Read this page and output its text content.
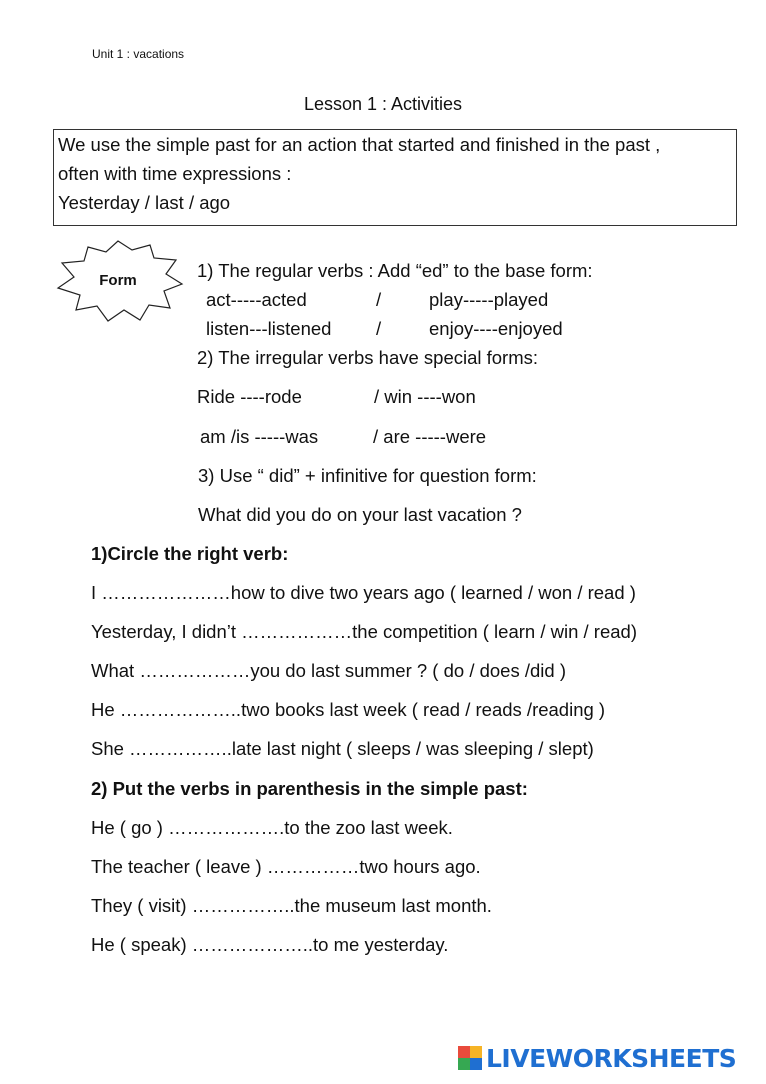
Unit 1 : vacations
Lesson 1 : Activities
We use the simple past for an action that started and finished in the past ,
often with time expressions :
Yesterday / last / ago
Form	1) The regular verbs : Add “ed” to the base form:
act-----acted	/	play-----played
listen---listened /	enjoy----enjoyed
2) The irregular verbs have special forms:
Ride ----rode	/ win ----won
am /is -----was	/ are -----were
3) Use “ did” + infinitive for question form:
What did you do on your last vacation ?
1)Circle the right verb:
I …………………how to dive two years ago ( learned / won / read )
Yesterday, I didn’t ………………the competition ( learn / win / read)
What ………………you do last summer ? ( do / does /did )
He ………………..two books last week ( read / reads /reading )
She ……………..late last night ( sleeps / was sleeping / slept)
2) Put the verbs in parenthesis in the simple past:
He ( go ) ……………….to the zoo last week.
The teacher ( leave ) ……………two hours ago.
They ( visit) ……………..the museum last month.
He ( speak) ………………..to me yesterday.
LIVEWORKSHEETS
